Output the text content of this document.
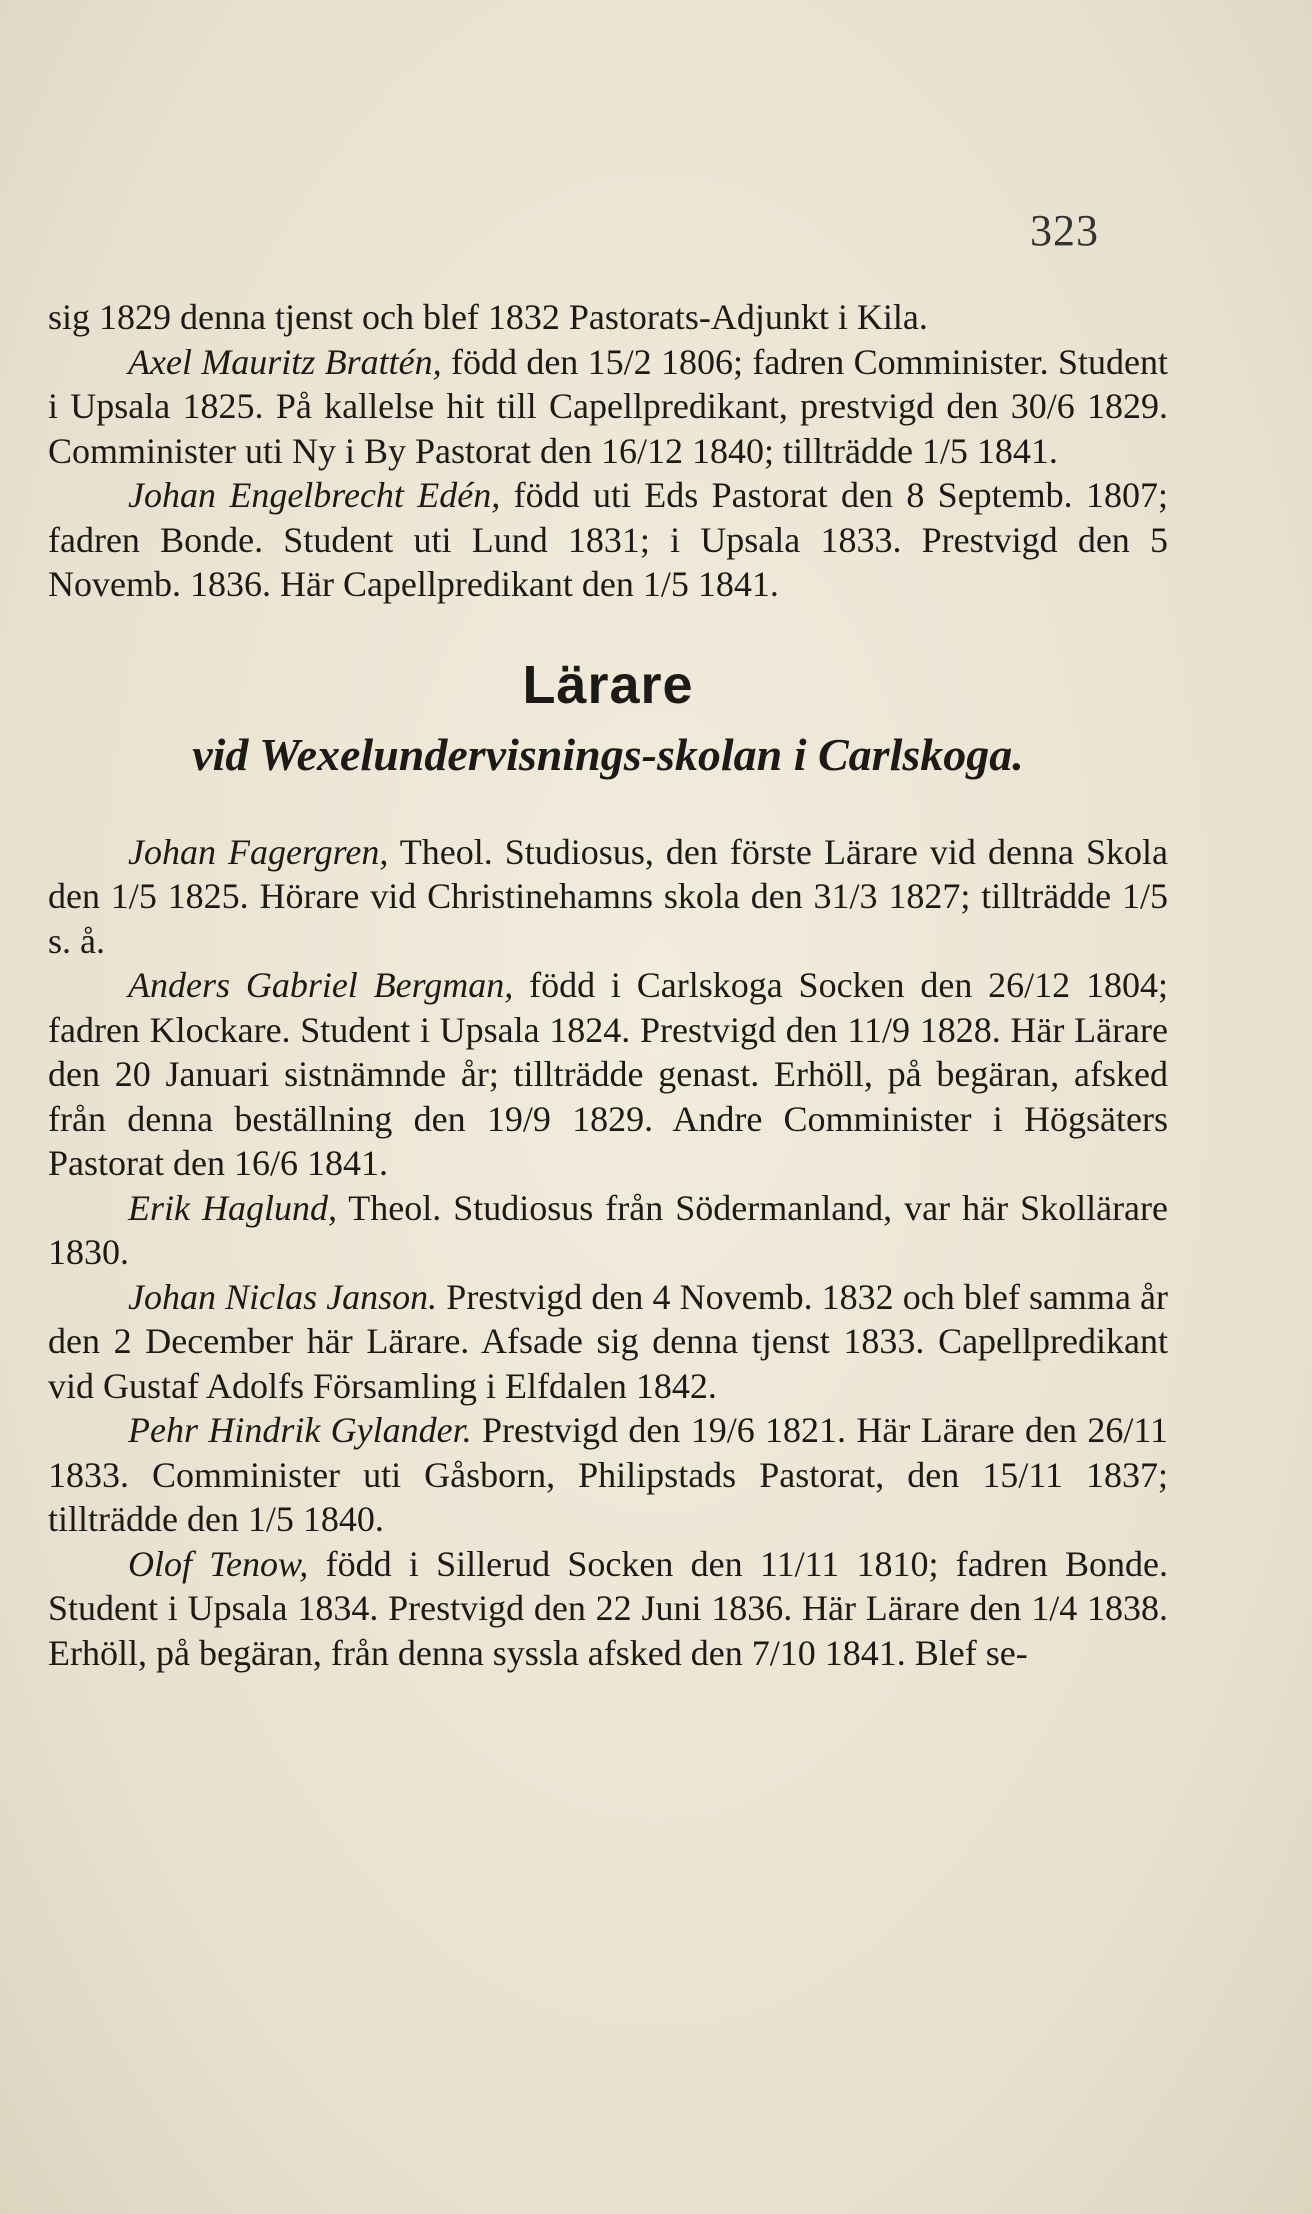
323

sig 1829 denna tjenst och blef 1832 Pastorats-Adjunkt i Kila.

Axel Mauritz Brattén, född den 15/2 1806; fadren Comminister. Student i Upsala 1825. På kallelse hit till Capellpredikant, prestvigd den 30/6 1829. Comminister uti Ny i By Pastorat den 16/12 1840; tillträdde 1/5 1841.

Johan Engelbrecht Edén, född uti Eds Pastorat den 8 Septemb. 1807; fadren Bonde. Student uti Lund 1831; i Upsala 1833. Prestvigd den 5 Novemb. 1836. Här Capellpredikant den 1/5 1841.

Lärare
vid Wexelundervisnings-skolan i Carlskoga.

Johan Fagergren, Theol. Studiosus, den förste Lärare vid denna Skola den 1/5 1825. Hörare vid Christinehamns skola den 31/3 1827; tillträdde 1/5 s. å.

Anders Gabriel Bergman, född i Carlskoga Socken den 26/12 1804; fadren Klockare. Student i Upsala 1824. Prestvigd den 11/9 1828. Här Lärare den 20 Januari sistnämnde år; tillträdde genast. Erhöll, på begäran, afsked från denna beställning den 19/9 1829. Andre Comminister i Högsäters Pastorat den 16/6 1841.

Erik Haglund, Theol. Studiosus från Södermanland, var här Skollärare 1830.

Johan Niclas Janson. Prestvigd den 4 Novemb. 1832 och blef samma år den 2 December här Lärare. Afsade sig denna tjenst 1833. Capellpredikant vid Gustaf Adolfs Församling i Elfdalen 1842.

Pehr Hindrik Gylander. Prestvigd den 19/6 1821. Här Lärare den 26/11 1833. Comminister uti Gåsborn, Philipstads Pastorat, den 15/11 1837; tillträdde den 1/5 1840.

Olof Tenow, född i Sillerud Socken den 11/11 1810; fadren Bonde. Student i Upsala 1834. Prestvigd den 22 Juni 1836. Här Lärare den 1/4 1838. Erhöll, på begäran, från denna syssla afsked den 7/10 1841. Blef se-
